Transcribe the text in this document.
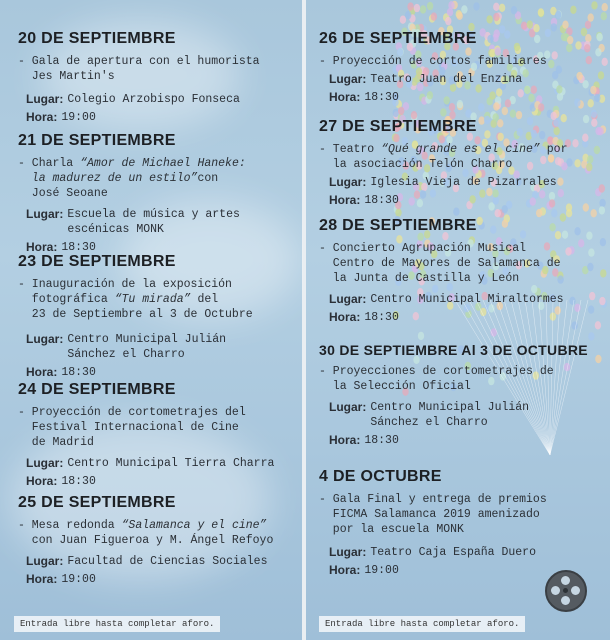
20 DE SEPTIEMBRE
- Gala de apertura con el humorista
Jes Martin's
Lugar: Colegio Arzobispo Fonseca
Hora: 19:00
21 DE SEPTIEMBRE
- Charla “Amor de Michael Haneke:
la madurez de un estilo”con
José Seoane
Lugar: Escuela de música y artes escénicas MONK
Hora: 18:30
23 DE SEPTIEMBRE
- Inauguración de la exposición
fotográfica “Tu mirada” del
23 de Septiembre al 3 de Octubre
Lugar: Centro Municipal Julián Sánchez el Charro
Hora: 18:30
24 DE SEPTIEMBRE
- Proyección de cortometrajes del
Festival Internacional de Cine
de Madrid
Lugar: Centro Municipal Tierra Charra
Hora: 18:30
25 DE SEPTIEMBRE
- Mesa redonda “Salamanca y el cine”
con Juan Figueroa y M. Ángel Refoyo
Lugar: Facultad de Ciencias Sociales
Hora: 19:00
Entrada libre hasta completar aforo.
26 DE SEPTIEMBRE
- Proyección de cortos familiares
Lugar: Teatro Juan del Enzina
Hora: 18:30
27 DE SEPTIEMBRE
- Teatro “Qué grande es el cine” por
la asociación Telón Charro
Lugar: Iglesia Vieja de Pizarrales
Hora: 18:30
28 DE SEPTIEMBRE
- Concierto Agrupación Musical
Centro de Mayores de Salamanca de
la Junta de Castilla y León
Lugar: Centro Municipal Miraltormes
Hora: 18:30
30 DE SEPTIEMBRE Al 3 DE OCTUBRE
- Proyecciones de cortometrajes de
la Selección Oficial
Lugar: Centro Municipal Julián Sánchez el Charro
Hora: 18:30
4 DE OCTUBRE
- Gala Final y entrega de premios
FICMA Salamanca 2019 amenizado
por la escuela MONK
Lugar: Teatro Caja España Duero
Hora: 19:00
Entrada libre hasta completar aforo.
